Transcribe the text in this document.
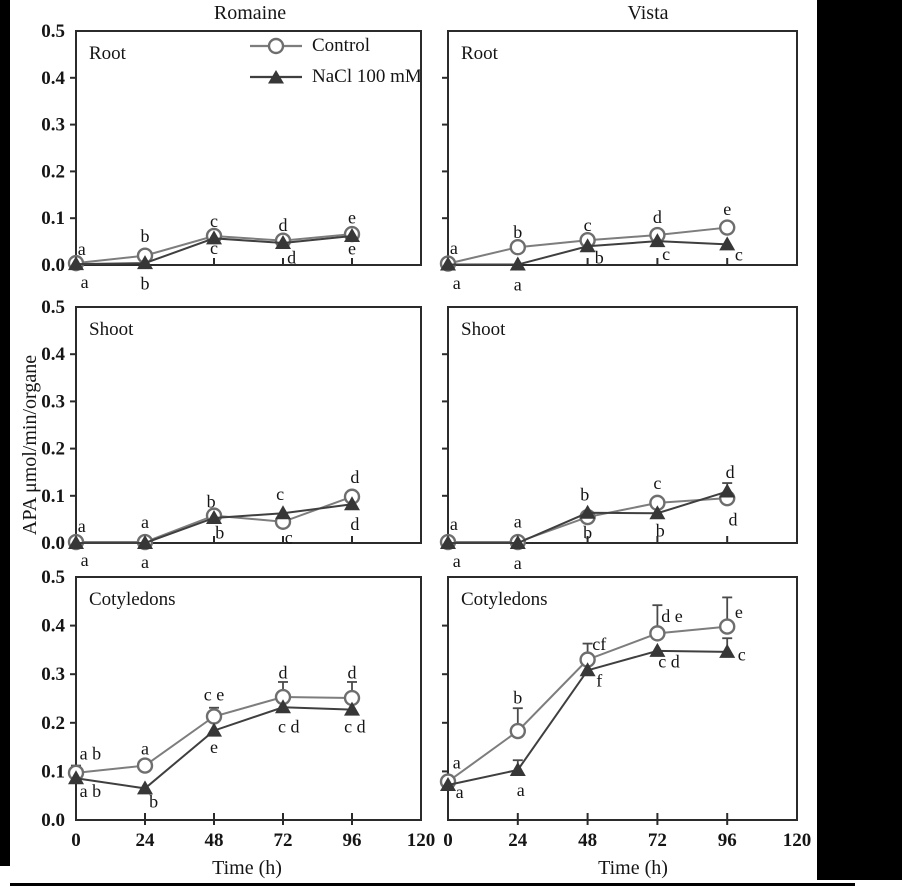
Romaine	Vista
APA μmol/min/organe
Time (h)	Time (h)
Control
NaCl 100 mM
0.0
0.1
0.2
0.3
0.4
0.5
Root
a
a
b
b
c
c
d
d
e
e
Root
a
a
b
a
c
b
d
c
e
c
0.0
0.1
0.2
0.3
0.4
0.5
Shoot
a
a
a
a
b
b
c
c
d
d
Shoot
a
a
a
a
b
b
c
b
d
d
0.0
0.1
0.2
0.3
0.4
0.5
0	24	48	72	96 120
Cotyledons
a b
a b
a
b
c e
e
d
c d
d
c d
0	24	48	72	96 120
Cotyledons
a
a
b
a
cf
f
d e
c d
e
c
